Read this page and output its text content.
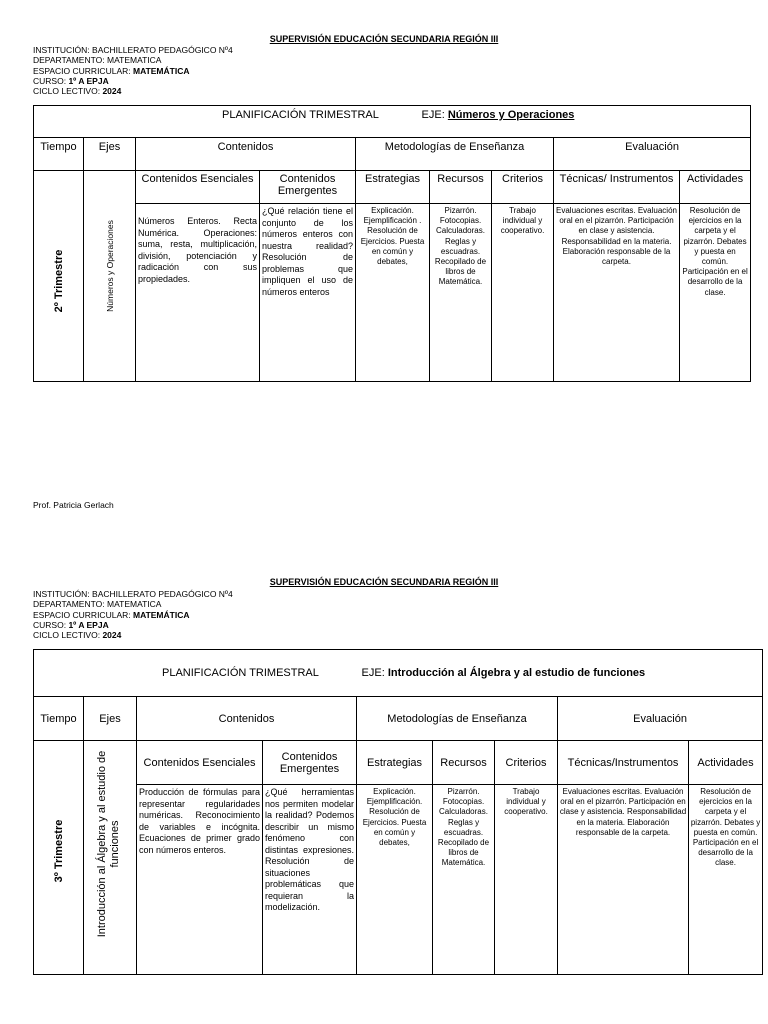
SUPERVISIÓN EDUCACIÓN SECUNDARIA REGIÓN III
INSTITUCIÓN: BACHILLERATO PEDAGÓGICO Nº4
DEPARTAMENTO: MATEMATICA
ESPACIO CURRICULAR: MATEMÁTICA
CURSO: 1º A EPJA
CICLO LECTIVO: 2024
PLANIFICACIÓN TRIMESTRAL EJE: Números y Operaciones								
Tiempo	Ejes	Contenidos		Metodologías de Enseñanza			Evaluación	

2º Trimestre	Números y Operaciones	Contenidos Esenciales	Contenidos Emergentes	Estrategias	Recursos	Criterios	Técnicas/ Instrumentos	Actividades
		Números Enteros. Recta Numérica. Operaciones: suma, resta, multiplicación, división, potenciación y radicación con sus propiedades.	¿Qué relación tiene el conjunto de los números enteros con nuestra realidad? Resolución de problemas que impliquen el uso de números enteros	Explicación. Ejemplificación . Resolución de Ejercicios. Puesta en común y debates,	Pizarrón. Fotocopias. Calculadoras. Reglas y escuadras. Recopilado de libros de Matemática.	Trabajo individual y cooperativo.	Evaluaciones escritas. Evaluación oral en el pizarrón. Participación en clase y asistencia. Responsabilidad en la materia. Elaboración responsable de la carpeta.	Resolución de ejercicios en la carpeta y el pizarrón. Debates y puesta en común. Participación en el desarrollo de la clase.
Prof. Patricia Gerlach
SUPERVISIÓN EDUCACIÓN SECUNDARIA REGIÓN III
INSTITUCIÓN: BACHILLERATO PEDAGÓGICO Nº4
DEPARTAMENTO: MATEMATICA
ESPACIO CURRICULAR: MATEMÁTICA
CURSO: 1º A EPJA
CICLO LECTIVO: 2024
PLANIFICACIÓN TRIMESTRAL EJE: Introducción al Álgebra y al estudio de funciones								
Tiempo	Ejes	Contenidos		Metodologías de Enseñanza			Evaluación	

3º Trimestre	Introducción al Álgebra y al estudio de funciones	Contenidos Esenciales	Contenidos Emergentes	Estrategias	Recursos	Criterios	Técnicas/Instrumentos	Actividades
		Producción de fórmulas para representar regularidades numéricas. Reconocimiento de variables e incógnita. Ecuaciones de primer grado con números enteros.	¿Qué herramientas nos permiten modelar la realidad? Podemos describir un mismo fenómeno con distintas expresiones. Resolución de situaciones problemáticas que requieran la modelización.	Explicación. Ejemplificación. Resolución de Ejercicios. Puesta en común y debates,	Pizarrón. Fotocopias. Calculadoras. Reglas y escuadras. Recopilado de libros de Matemática.	Trabajo individual y cooperativo.	Evaluaciones escritas. Evaluación oral en el pizarrón. Participación en clase y asistencia. Responsabilidad en la materia. Elaboración responsable de la carpeta.	Resolución de ejercicios en la carpeta y el pizarrón. Debates y puesta en común. Participación en el desarrollo de la clase.
